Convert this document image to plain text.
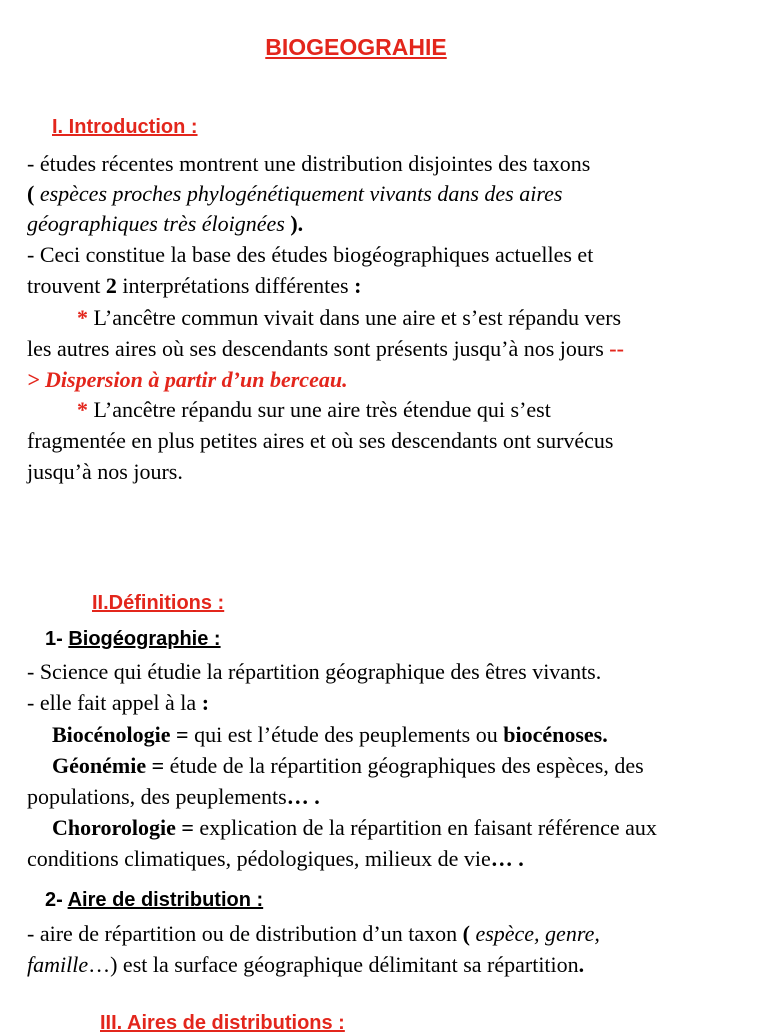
BIOGEOGRAHIE
I. Introduction :
- études récentes montrent une distribution disjointes des taxons
( espèces proches phylogénétiquement vivants dans des aires
géographiques très éloignées ).
- Ceci constitue la base des études biogéographiques actuelles et
trouvent 2 interprétations différentes :
* L’ancêtre commun vivait dans une aire et s’est répandu vers
les autres aires où ses descendants sont présents jusqu’à nos jours --
> Dispersion à partir d’un berceau.
* L’ancêtre répandu sur une aire très étendue qui s’est
fragmentée en plus petites aires et où ses descendants ont survécus
jusqu’à nos jours.
II.Définitions :
1- Biogéographie :
- Science qui étudie la répartition géographique des êtres vivants.
- elle fait appel à la :
Biocénologie = qui est l’étude des peuplements ou biocénoses.
Géonémie = étude de la répartition géographiques des espèces, des
populations, des peuplements… .
Chororologie = explication de la répartition en faisant référence aux
conditions climatiques, pédologiques, milieux de vie… .
2- Aire de distribution :
- aire de répartition ou de distribution d’un taxon ( espèce, genre,
famille…) est la surface géographique délimitant sa répartition.
III. Aires de distributions :
